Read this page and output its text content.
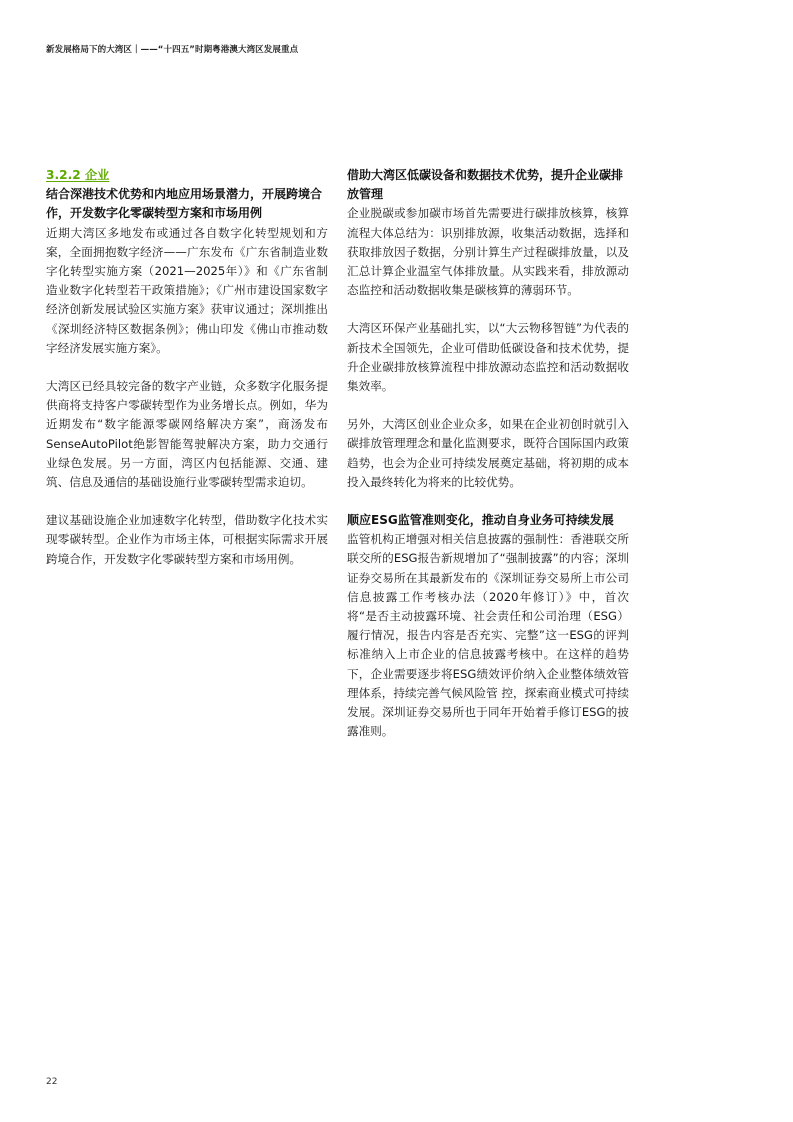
新发展格局下的大湾区｜——“十四五”时期粤港澳大湾区发展重点
3.2.2 企业

结合深港技术优势和内地应用场景潜力，开展跨境合作，开发数字化零碳转型方案和市场用例

近期大湾区多地发布或通过各自数字化转型规划和方案，全面拥抱数字经济——广东发布《广东省制造业数字化转型实施方案（2021—2025年）》和《广东省制造业数字化转型若干政策措施》；《广州市建设国家数字经济创新发展试验区实施方案》获审议通过；深圳推出《深圳经济特区数据条例》；佛山印发《佛山市推动数字经济发展实施方案》。

大湾区已经具较完备的数字产业链，众多数字化服务提供商将支持客户零碳转型作为业务增长点。例如，华为近期发布“数字能源零碳网络解决方案”，商汤发布SenseAutoPilot绝影智能驾驶解决方案，助力交通行业绿色发展。另一方面，湾区内包括能源、交通、建筑、信息及通信的基础设施行业零碳转型需求迫切。

建议基础设施企业加速数字化转型，借助数字化技术实现零碳转型。企业作为市场主体，可根据实际需求开展跨境合作，开发数字化零碳转型方案和市场用例。

借助大湾区低碳设备和数据技术优势，提升企业碳排放管理

企业脱碳或参加碳市场首先需要进行碳排放核算，核算流程大体总结为：识别排放源，收集活动数据，选择和获取排放因子数据，分别计算生产过程碳排放量，以及汇总计算企业温室气体排放量。从实践来看，排放源动态监控和活动数据收集是碳核算的薄弱环节。

大湾区环保产业基础扎实，以“大云物移智链”为代表的新技术全国领先，企业可借助低碳设备和技术优势，提升企业碳排放核算流程中排放源动态监控和活动数据收集效率。

另外，大湾区创业企业众多，如果在企业初创时就引入碳排放管理理念和量化监测要求，既符合国际国内政策趋势，也会为企业可持续发展奠定基础，将初期的成本投入最终转化为将来的比较优势。

顺应ESG监管准则变化，推动自身业务可持续发展

监管机构正增强对相关信息披露的强制性：香港联交所联交所的ESG报告新规增加了“强制披露”的内容；深圳证券交易所在其最新发布的《深圳证券交易所上市公司信息披露工作考核办法（2020年修订）》中，首次将“是否主动披露环境、社会责任和公司治理（ESG）履行情况，报告内容是否充实、完整”这一ESG的评判标准纳入上市企业的信息披露考核中。在这样的趋势下，企业需要逐步将ESG绩效评价纳入企业整体绩效管理体系，持续完善气候风险管 控，探索商业模式可持续发展。深圳证券交易所也于同年开始着手修订ESG的披露准则。

22
